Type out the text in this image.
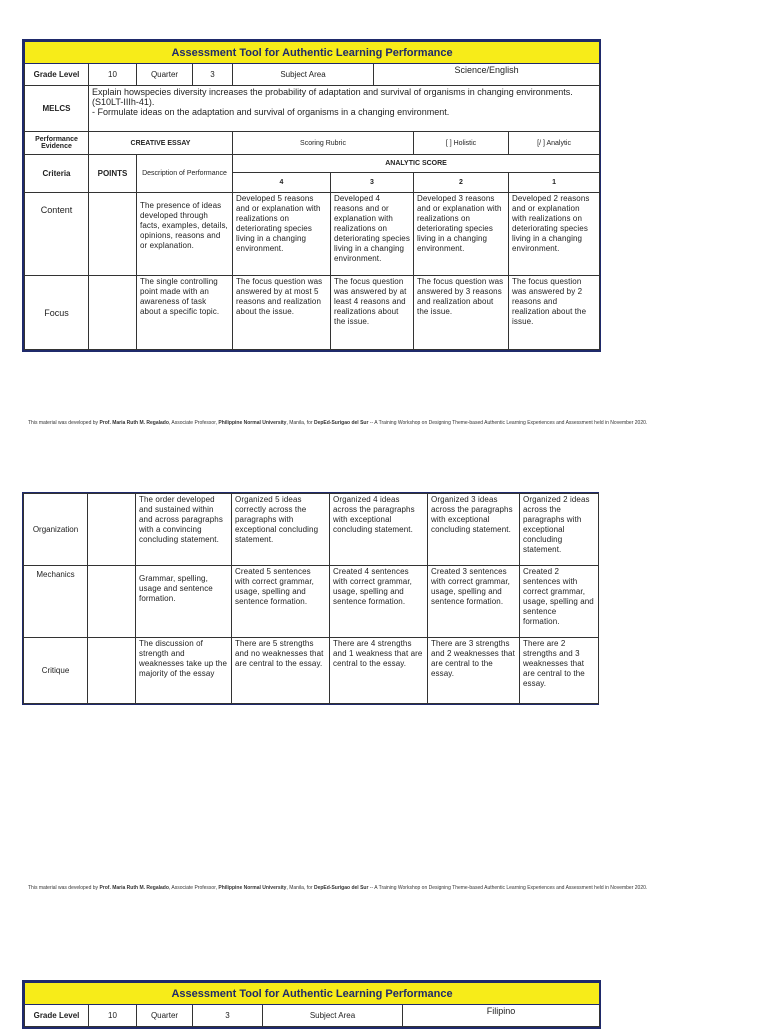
Assessment Tool for Authentic Learning Performance								
Grade Level	10	Quarter	3	Subject Area		Science/English		
MELCS	Explain howspecies diversity increases the probability of adaptation and survival of organisms in changing environments.
(S10LT-IIIh-41).
- Formulate ideas on the adaptation and survival of organisms in a changing environment.							

Performance Evidence	CREATIVE ESSAY			Scoring Rubric			[ ] Holistic	[/ ] Analytic
Criteria	POINTS	Description of Performance		ANALYTIC SCORE				
				4	3		2	1
Content		The presence of ideas developed through facts, examples, details, opinions, reasons and or explanation.		Developed 5 reasons and or explanation with realizations on deteriorating species living in a changing environment.	Developed 4 reasons and or explanation with realizations on deteriorating species living in a changing environment.		Developed 3 reasons and or explanation with realizations on deteriorating species living in a changing environment.	Developed 2 reasons and or explanation with realizations on deteriorating species living in a changing environment.
Focus		The single controlling point made with an awareness of task about a specific topic.		The focus question was answered by at most 5 reasons and realization about the issue.	The focus question was answered by at least 4 reasons and realizations about the issue.		The focus question was answered by 3 reasons and realization about the issue.	The focus question was answered by 2 reasons and realization about the issue.
This material was developed by Prof. Maria Ruth M. Regalado, Associate Professor, Philippine Normal University, Manila, for DepEd-Surigao del Sur -- A Training Workshop on Designing Theme-based Authentic Learning Experiences and Assessment held in November 2020.
Organization		The order developed and sustained within and across paragraphs with a convincing concluding statement.	Organized 5 ideas correctly across the paragraphs with exceptional concluding statement.	Organized 4 ideas across the paragraphs with exceptional concluding statement.	Organized 3 ideas across the paragraphs with exceptional concluding statement.	Organized 2 ideas across the paragraphs with exceptional concluding statement.
Mechanics		Grammar, spelling, usage and sentence formation.	Created 5 sentences with correct grammar, usage, spelling and sentence formation.	Created 4 sentences with correct grammar, usage, spelling and sentence formation.	Created 3 sentences with correct grammar, usage, spelling and sentence formation.	Created 2 sentences with correct grammar, usage, spelling and sentence formation.
Critique		The discussion of strength and weaknesses take up the majority of the essay	There are 5 strengths and no weaknesses that are central to the essay.	There are 4 strengths and 1 weakness that are central to the essay.	There are 3 strengths and 2 weaknesses that are central to the essay.	There are 2 strengths and 3 weaknesses that are central to the essay.
This material was developed by Prof. Maria Ruth M. Regalado, Associate Professor, Philippine Normal University, Manila, for DepEd-Surigao del Sur -- A Training Workshop on Designing Theme-based Authentic Learning Experiences and Assessment held in November 2020.
Assessment Tool for Authentic Learning Performance
Grade Level	10	Quarter	3	Subject Area	Filipino
